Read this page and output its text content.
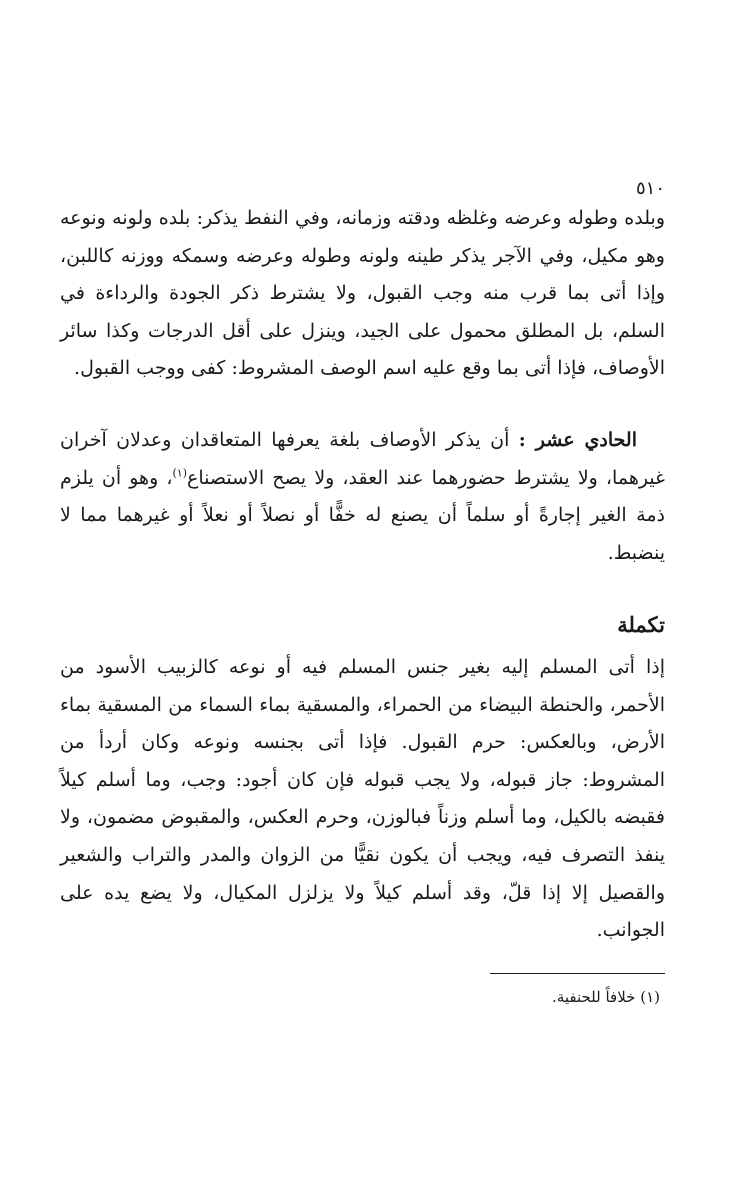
٥١٠

وبلده وطوله وعرضه وغلظه ودقته وزمانه، وفي النفط يذكر: بلده ولونه ونوعه وهو مكيل، وفي الآجر يذكر طينه ولونه وطوله وعرضه وسمكه ووزنه كاللبن، وإذا أتى بما قرب منه وجب القبول، ولا يشترط ذكر الجودة والرداءة في السلم، بل المطلق محمول على الجيد، وينزل على أقل الدرجات وكذا سائر الأوصاف، فإذا أتى بما وقع عليه اسم الوصف المشروط: كفى ووجب القبول.

الحادي عشر : أن يذكر الأوصاف بلغة يعرفها المتعاقدان وعدلان آخران غيرهما، ولا يشترط حضورهما عند العقد، ولا يصح الاستصناع$^{(١)}$، وهو أن يلزم ذمة الغير إجارةً أو سلماً أن يصنع له خفًّا أو نصلاً أو نعلاً أو غيرهما مما لا ينضبط.

تكملة

إذا أتى المسلم إليه بغير جنس المسلم فيه أو نوعه كالزبيب الأسود من الأحمر، والحنطة البيضاء من الحمراء، والمسقية بماء السماء من المسقية بماء الأرض، وبالعكس: حرم القبول. فإذا أتى بجنسه ونوعه وكان أردأ من المشروط: جاز قبوله، ولا يجب قبوله فإن كان أجود: وجب، وما أسلم كيلاً فقبضه بالكيل، وما أسلم وزناً فبالوزن، وحرم العكس، والمقبوض مضمون، ولا ينفذ التصرف فيه، ويجب أن يكون نقيًّا من الزوان والمدر والتراب والشعير والقصيل إلا إذا قلّ، وقد أسلم كيلاً ولا يزلزل المكيال، ولا يضع يده على الجوانب.

(١) خلافاً للحنفية.
